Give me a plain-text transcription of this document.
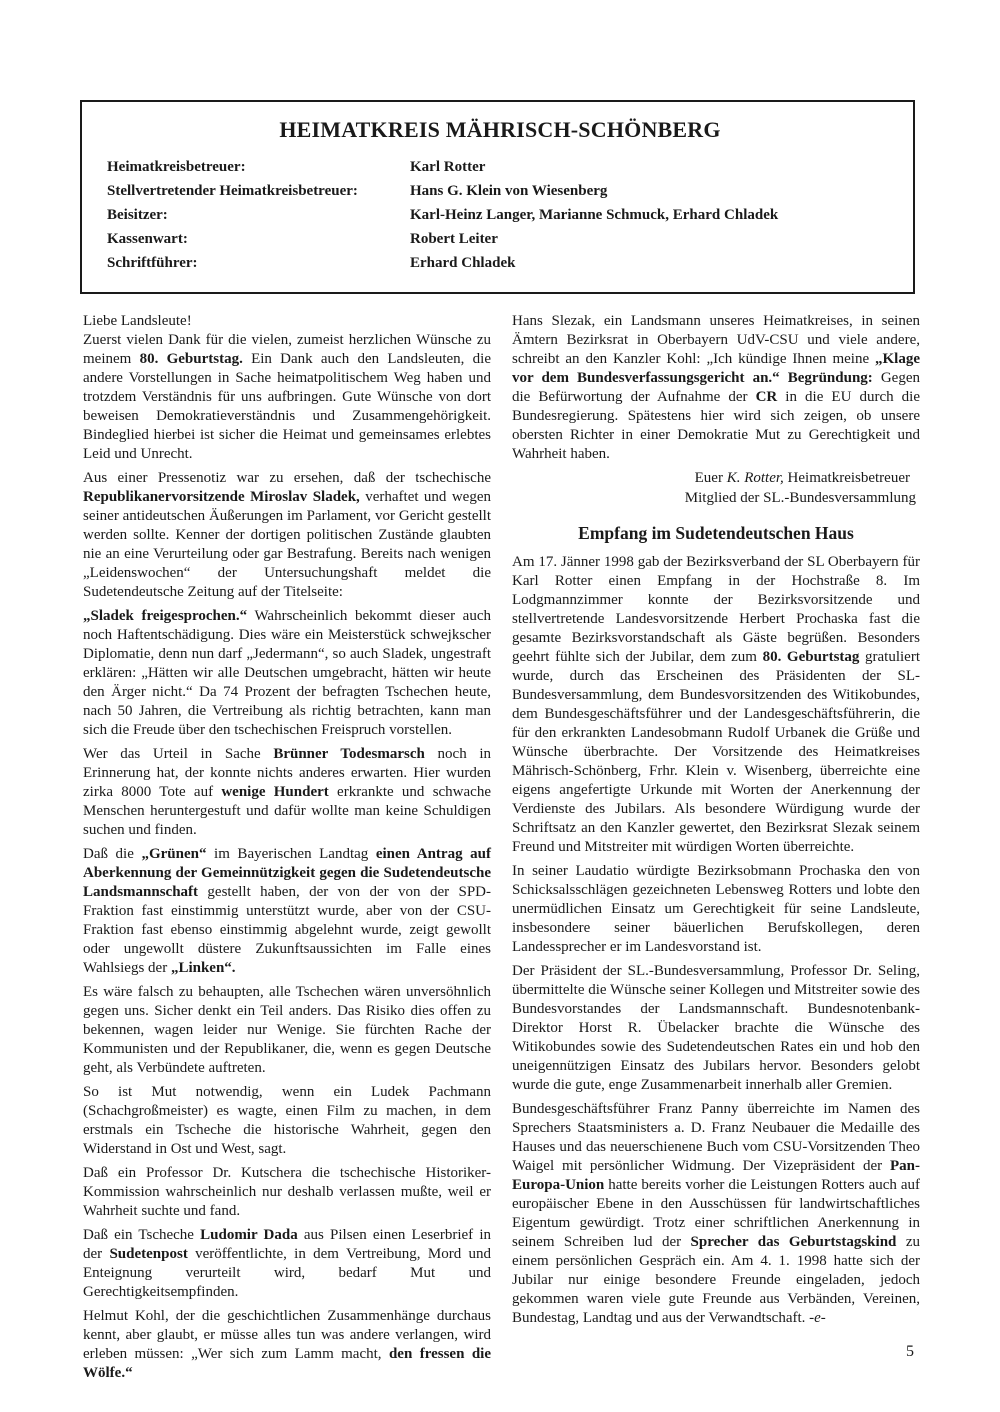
HEIMATKREIS MÄHRISCH-SCHÖNBERG
Heimatkreisbetreuer:	Karl Rotter
Stellvertretender Heimatkreisbetreuer:	Hans G. Klein von Wiesenberg
Beisitzer:	Karl-Heinz Langer, Marianne Schmuck, Erhard Chladek
Kassenwart:	Robert Leiter
Schriftführer:	Erhard Chladek

Liebe Landsleute!

Zuerst vielen Dank für die vielen, zumeist herzlichen Wünsche zu meinem 80. Geburtstag. Ein Dank auch den Landsleuten, die andere Vorstellungen in Sache heimatpolitischem Weg haben und trotzdem Verständnis für uns aufbringen. Gute Wünsche von dort beweisen Demokratieverständnis und Zusammengehörigkeit. Bindeglied hierbei ist sicher die Heimat und gemeinsames erlebtes Leid und Unrecht.

Aus einer Pressenotiz war zu ersehen, daß der tschechische Republikanervorsitzende Miroslav Sladek, verhaftet und wegen seiner antideutschen Äußerungen im Parlament, vor Gericht gestellt werden sollte. Kenner der dortigen politischen Zustände glaubten nie an eine Verurteilung oder gar Bestrafung. Bereits nach wenigen „Leidenswochen“ der Untersuchungshaft meldet die Sudetendeutsche Zeitung auf der Titelseite:

„Sladek freigesprochen.“ Wahrscheinlich bekommt dieser auch noch Haftentschädigung. Dies wäre ein Meisterstück schwejkscher Diplomatie, denn nun darf „Jedermann“, so auch Sladek, ungestraft erklären: „Hätten wir alle Deutschen umgebracht, hätten wir heute den Ärger nicht.“ Da 74 Prozent der befragten Tschechen heute, nach 50 Jahren, die Vertreibung als richtig betrachten, kann man sich die Freude über den tschechischen Freispruch vorstellen.

Wer das Urteil in Sache Brünner Todesmarsch noch in Erinnerung hat, der konnte nichts anderes erwarten. Hier wurden zirka 8000 Tote auf wenige Hundert erkrankte und schwache Menschen heruntergestuft und dafür wollte man keine Schuldigen suchen und finden.

Daß die „Grünen“ im Bayerischen Landtag einen Antrag auf Aberkennung der Gemeinnützigkeit gegen die Sudetendeutsche Landsmannschaft gestellt haben, der von der von der SPD-Fraktion fast einstimmig unterstützt wurde, aber von der CSU-Fraktion fast ebenso einstimmig abgelehnt wurde, zeigt gewollt oder ungewollt düstere Zukunftsaussichten im Falle eines Wahlsiegs der „Linken“.

Es wäre falsch zu behaupten, alle Tschechen wären unversöhnlich gegen uns. Sicher denkt ein Teil anders. Das Risiko dies offen zu bekennen, wagen leider nur Wenige. Sie fürchten Rache der Kommunisten und der Republikaner, die, wenn es gegen Deutsche geht, als Verbündete auftreten.

So ist Mut notwendig, wenn ein Ludek Pachmann (Schachgroßmeister) es wagte, einen Film zu machen, in dem erstmals ein Tscheche die historische Wahrheit, gegen den Widerstand in Ost und West, sagt.

Daß ein Professor Dr. Kutschera die tschechische Historiker-Kommission wahrscheinlich nur deshalb verlassen mußte, weil er Wahrheit suchte und fand.

Daß ein Tscheche Ludomir Dada aus Pilsen einen Leserbrief in der Sudetenpost veröffentlichte, in dem Vertreibung, Mord und Enteignung verurteilt wird, bedarf Mut und Gerechtigkeitsempfinden.

Helmut Kohl, der die geschichtlichen Zusammenhänge durchaus kennt, aber glaubt, er müsse alles tun was andere verlangen, wird erleben müssen: „Wer sich zum Lamm macht, den fressen die Wölfe.“

Hans Slezak, ein Landsmann unseres Heimatkreises, in seinen Ämtern Bezirksrat in Oberbayern UdV-CSU und viele andere, schreibt an den Kanzler Kohl: „Ich kündige Ihnen meine „Klage vor dem Bundesverfassungsgericht an.“ Begründung: Gegen die Befürwortung der Aufnahme der CR in die EU durch die Bundesregierung. Spätestens hier wird sich zeigen, ob unsere obersten Richter in einer Demokratie Mut zu Gerechtigkeit und Wahrheit haben.

Euer K. Rotter, Heimatkreisbetreuer

Mitglied der SL.-Bundesversammlung

Empfang im Sudetendeutschen Haus

Am 17. Jänner 1998 gab der Bezirksverband der SL Oberbayern für Karl Rotter einen Empfang in der Hochstraße 8. Im Lodgmannzimmer konnte der Bezirksvorsitzende und stellvertretende Landesvorsitzende Herbert Prochaska fast die gesamte Bezirksvorstandschaft als Gäste begrüßen. Besonders geehrt fühlte sich der Jubilar, dem zum 80. Geburtstag gratuliert wurde, durch das Erscheinen des Präsidenten der SL-Bundesversammlung, dem Bundesvorsitzenden des Witikobundes, dem Bundesgeschäftsführer und der Landesgeschäftsführerin, die für den erkrankten Landesobmann Rudolf Urbanek die Grüße und Wünsche überbrachte. Der Vorsitzende des Heimatkreises Mährisch-Schönberg, Frhr. Klein v. Wisenberg, überreichte eine eigens angefertigte Urkunde mit Worten der Anerkennung der Verdienste des Jubilars. Als besondere Würdigung wurde der Schriftsatz an den Kanzler gewertet, den Bezirksrat Slezak seinem Freund und Mitstreiter mit würdigen Worten überreichte.

In seiner Laudatio würdigte Bezirksobmann Prochaska den von Schicksalsschlägen gezeichneten Lebensweg Rotters und lobte den unermüdlichen Einsatz um Gerechtigkeit für seine Landsleute, insbesondere seiner bäuerlichen Berufskollegen, deren Landessprecher er im Landesvorstand ist.

Der Präsident der SL.-Bundesversammlung, Professor Dr. Seling, übermittelte die Wünsche seiner Kollegen und Mitstreiter sowie des Bundesvorstandes der Landsmannschaft. Bundesnotenbank-Direktor Horst R. Übelacker brachte die Wünsche des Witikobundes sowie des Sudetendeutschen Rates ein und hob den uneigennützigen Einsatz des Jubilars hervor. Besonders gelobt wurde die gute, enge Zusammenarbeit innerhalb aller Gremien.

Bundesgeschäftsführer Franz Panny überreichte im Namen des Sprechers Staatsministers a. D. Franz Neubauer die Medaille des Hauses und das neuerschienene Buch vom CSU-Vorsitzenden Theo Waigel mit persönlicher Widmung. Der Vizepräsident der Pan-Europa-Union hatte bereits vorher die Leistungen Rotters auch auf europäischer Ebene in den Ausschüssen für landwirtschaftliches Eigentum gewürdigt. Trotz einer schriftlichen Anerkennung in seinem Schreiben lud der Sprecher das Geburtstagskind zu einem persönlichen Gespräch ein. Am 4. 1. 1998 hatte sich der Jubilar nur einige besondere Freunde eingeladen, jedoch gekommen waren viele gute Freunde aus Verbänden, Vereinen, Bundestag, Landtag und aus der Verwandtschaft. -e-

5
